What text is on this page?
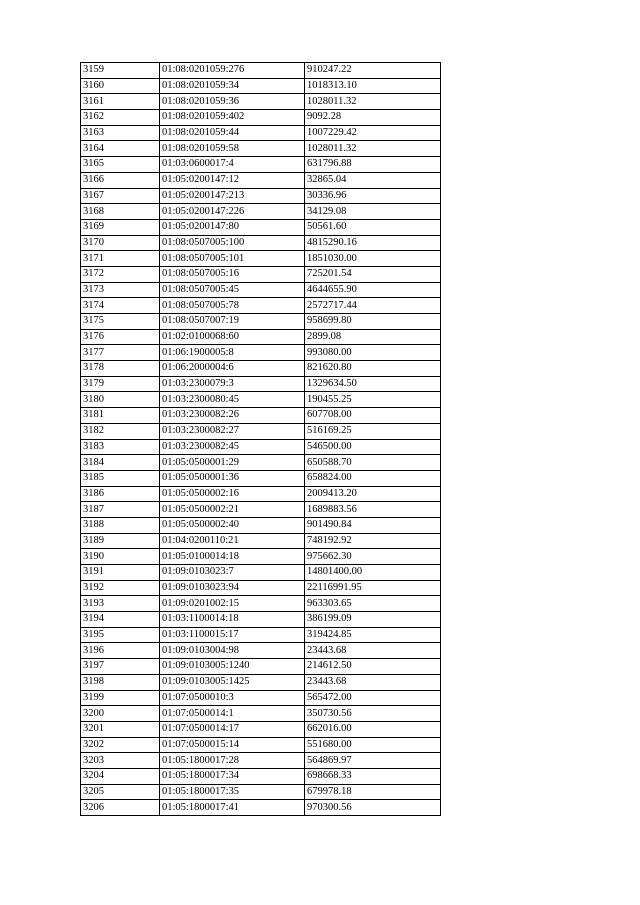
3159	01:08:0201059:276	910247.22
3160	01:08:0201059:34	1018313.10
3161	01:08:0201059:36	1028011.32
3162	01:08:0201059:402	9092.28
3163	01:08:0201059:44	1007229.42
3164	01:08:0201059:58	1028011.32
3165	01:03:0600017:4	631796.88
3166	01:05:0200147:12	32865.04
3167	01:05:0200147:213	30336.96
3168	01:05:0200147:226	34129.08
3169	01:05:0200147:80	50561.60
3170	01:08:0507005:100	4815290.16
3171	01:08:0507005:101	1851030.00
3172	01:08:0507005:16	725201.54
3173	01:08:0507005:45	4644655.90
3174	01:08:0507005:78	2572717.44
3175	01:08:0507007:19	958699.80
3176	01:02:0100068:60	2899.08
3177	01:06:1900005:8	993080.00
3178	01:06:2000004:6	821620.80
3179	01:03:2300079:3	1329634.50
3180	01:03:2300080:45	190455.25
3181	01:03:2300082:26	607708.00
3182	01:03:2300082:27	516169.25
3183	01:03:2300082:45	546500.00
3184	01:05:0500001:29	650588.70
3185	01:05:0500001:36	658824.00
3186	01:05:0500002:16	2009413.20
3187	01:05:0500002:21	1689883.56
3188	01:05:0500002:40	901490.84
3189	01:04:0200110:21	748192.92
3190	01:05:0100014:18	975662.30
3191	01:09:0103023:7	14801400.00
3192	01:09:0103023:94	22116991.95
3193	01:09:0201002:15	963303.65
3194	01:03:1100014:18	386199.09
3195	01:03:1100015:17	319424.85
3196	01:09:0103004:98	23443.68
3197	01:09:0103005:1240	214612.50
3198	01:09:0103005:1425	23443.68
3199	01:07:0500010:3	565472.00
3200	01:07:0500014:1	350730.56
3201	01:07:0500014:17	662016.00
3202	01:07:0500015:14	551680.00
3203	01:05:1800017:28	564869.97
3204	01:05:1800017:34	698668.33
3205	01:05:1800017:35	679978.18
3206	01:05:1800017:41	970300.56
